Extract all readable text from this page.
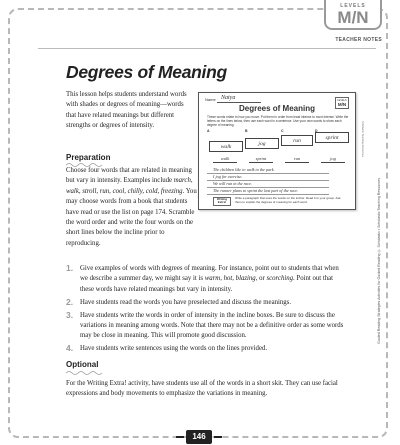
LEVELS
M/N
TEACHER NOTES
Degrees of Meaning

This lesson helps students understand words with shades or degrees of meaning—words that have related meanings but different strengths or degrees of intensity.

Preparation

Choose four words that are related in meaning but vary in intensity. Examples include march, walk, stroll, run, cool, chilly, cold, freezing. You may choose words from a book that students have read or use the list on page 174. Scramble the word order and write the four words on the short lines below the incline prior to reproducing.

Name Natya	LEVELS
M/N
Degrees of Meaning
These words relate to how you move. Put them in order from least intense to most intense. Write the letters on the lines below, then use each word in a sentence. Use your own words to show each degree of meaning.
A	B	C	D
walk	jog	run	sprint
walk	sprint	run	jog
The children like to walk to the park.
I jog for exercise.
We will run in the race.
The runner plans to sprint the last part of the race.
Writing Extra!
Write a paragraph that uses the words on the incline. Read it to your group. Ask them to explain the degrees of meaning for each word.
Scholastic Teaching Resources
Guided Reading Strategies Activities for Guided Reading © Scholastic • Scholastic Teaching Resources
1. Give examples of words with degrees of meaning. For instance, point out to students that when we describe a summer day, we might say it is warm, hot, blazing, or scorching. Point out that these words have related meanings but vary in intensity.
2. Have students read the words you have preselected and discuss the meanings.
3. Have students write the words in order of intensity in the incline boxes. Be sure to discuss the variations in meaning among words. Note that there may not be a definitive order as some words may be close in meaning. This will promote good discussion.
4. Have students write sentences using the words on the lines provided.
Optional

For the Writing Extra! activity, have students use all of the words in a short skit. They can use facial expressions and body movements to emphasize the variations in meaning.

146
